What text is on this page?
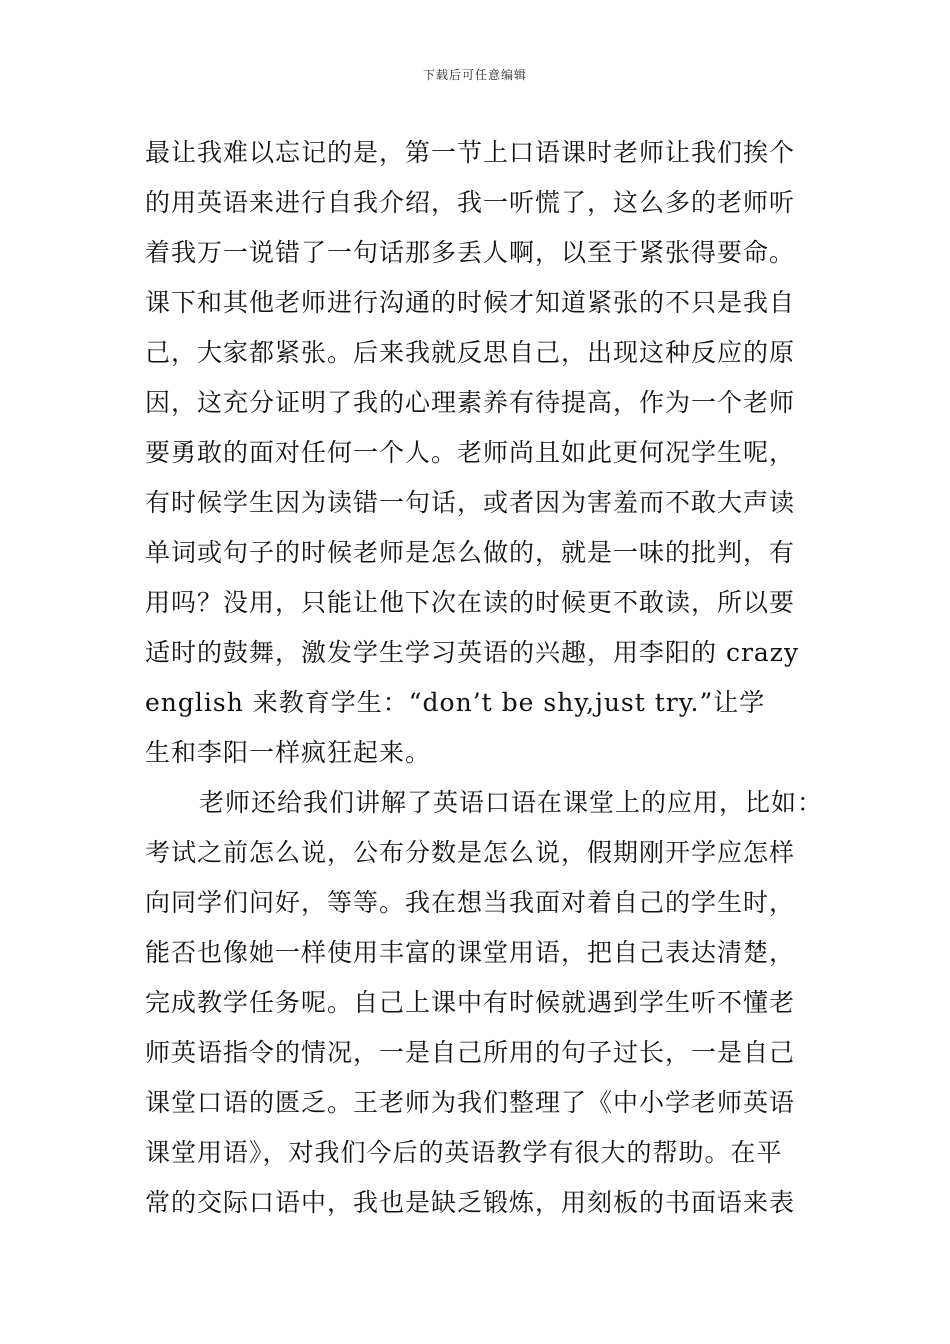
下载后可任意编辑
最让我难以忘记的是，第一节上口语课时老师让我们挨个
的用英语来进行自我介绍，我一听慌了，这么多的老师听
着我万一说错了一句话那多丢人啊，以至于紧张得要命。
课下和其他老师进行沟通的时候才知道紧张的不只是我自
己，大家都紧张。后来我就反思自己，出现这种反应的原
因，这充分证明了我的心理素养有待提高，作为一个老师
要勇敢的面对任何一个人。老师尚且如此更何况学生呢，
有时候学生因为读错一句话，或者因为害羞而不敢大声读
单词或句子的时候老师是怎么做的，就是一味的批判，有
用吗？没用，只能让他下次在读的时候更不敢读，所以要
适时的鼓舞，激发学生学习英语的兴趣，用李阳的 crazy
english 来教育学生：“don’t be shy,just try.”让学
生和李阳一样疯狂起来。
老师还给我们讲解了英语口语在课堂上的应用，比如：
考试之前怎么说，公布分数是怎么说，假期刚开学应怎样
向同学们问好，等等。我在想当我面对着自己的学生时，
能否也像她一样使用丰富的课堂用语，把自己表达清楚，
完成教学任务呢。自己上课中有时候就遇到学生听不懂老
师英语指令的情况，一是自己所用的句子过长，一是自己
课堂口语的匮乏。王老师为我们整理了《中小学老师英语
课堂用语》，对我们今后的英语教学有很大的帮助。在平
常的交际口语中，我也是缺乏锻炼，用刻板的书面语来表
